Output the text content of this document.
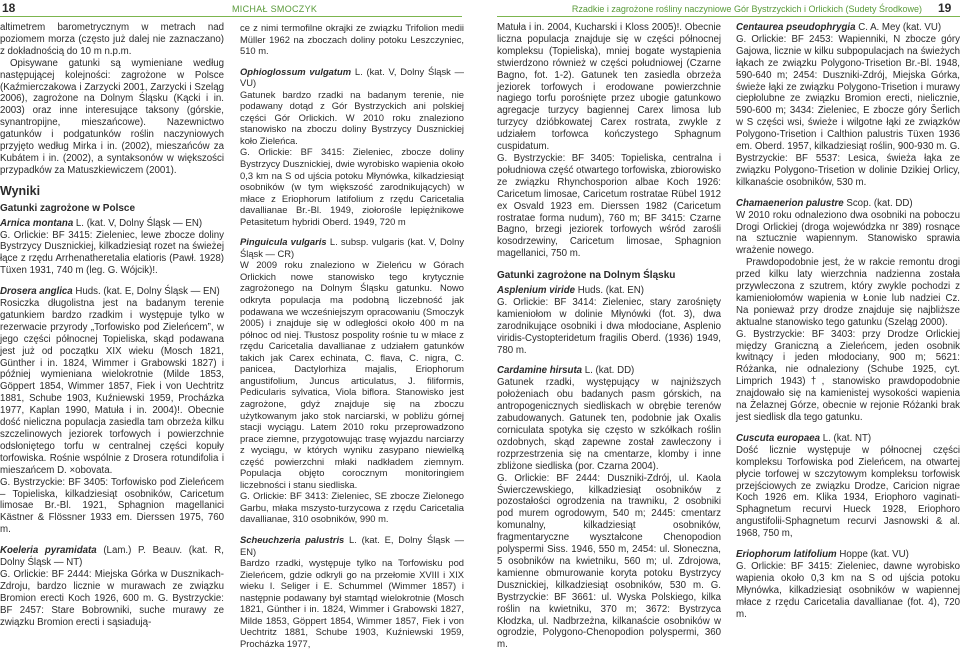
18	MICHAŁ SMOCZYK	Rzadkie i zagrożone rośliny naczyniowe Gór Bystrzyckich i Orlickich (Sudety Środkowe) 19

altimetrem barometrycznym w metrach nad poziomem morza (często już dalej nie zaznaczano) z dokładnością do 10 m n.p.m.

Opisywane gatunki są wymieniane według następującej kolejności: zagrożone w Polsce (Kaźmierczakowa i Zarzycki 2001, Zarzycki i Szeląg 2006), zagrożone na Dolnym Śląsku (Kącki i in. 2003) oraz inne interesujące taksony (górskie, synantropijne, mieszańcowe). Nazewnictwo gatunków i podgatunków roślin naczyniowych przyjęto według Mirka i in. (2002), mieszańców za Kubátem i in. (2002), a syntaksonów w większości przypadków za Matuszkiewiczem (2001).

Wyniki
Gatunki zagrożone w Polsce

Arnica montana L. (kat. V, Dolny Śląsk — EN)

G. Orlickie: BF 3415: Zieleniec, lewe zbocze doliny Bystrzycy Dusznickiej, kilkadziesiąt rozet na świeżej łące z rzędu Arrhenatheretalia elatioris (Pawł. 1928) Tüxen 1931, 740 m (leg. G. Wójcik)!.

Drosera anglica Huds. (kat. E, Dolny Śląsk — EN)

Rosiczka długolistna jest na badanym terenie gatunkiem bardzo rzadkim i występuje tylko w rezerwacie przyrody „Torfowisko pod Zieleńcem”, w jego części północnej Topieliska, skąd podawana jest już od początku XIX wieku (Mosch 1821, Günther i in. 1824, Wimmer i Grabowski 1827) i później wymieniana wielokrotnie (Milde 1853, Göppert 1854, Wimmer 1857, Fiek i von Uechtritz 1881, Schube 1903, Kuźniewski 1959, Procházka 1977, Kaplan 1990, Matuła i in. 2004)!. Obecnie dość nieliczna populacja zasiedla tam obrzeża kilku szczelinowych jeziorek torfowych i powierzchnie odsłoniętego torfu w centralnej części kopuły torfowiska. Rośnie wspólnie z Drosera rotundifolia i mieszańcem D. ×obovata.

G. Bystrzyckie: BF 3405: Torfowisko pod Zieleńcem – Topieliska, kilkadziesiąt osobników, Caricetum limosae Br.-Bl. 1921, Sphagnion magellanici Kästner & Flössner 1933 em. Dierssen 1975, 760 m.

Koeleria pyramidata (Lam.) P. Beauv. (kat. R, Dolny Śląsk — NT)

G. Orlickie: BF 2444: Miejska Górka w Dusznikach-Zdroju, bardzo licznie w murawach ze związku Bromion erecti Koch 1926, 600 m. G. Bystrzyckie: BF 2457: Stare Bobrowniki, suche murawy ze związku Bromion erecti i sąsiadują-

ce z nimi termofilne okrajki ze związku Trifolion medii Müller 1962 na zboczach doliny potoku Leszczyniec, 510 m.

Ophioglossum vulgatum L. (kat. V, Dolny Śląsk — VU)

Gatunek bardzo rzadki na badanym terenie, nie podawany dotąd z Gór Bystrzyckich ani polskiej części Gór Orlickich. W 2010 roku znaleziono stanowisko na zboczu doliny Bystrzycy Dusznickiej koło Zieleńca.

G. Orlickie: BF 3415: Zieleniec, zbocze doliny Bystrzycy Dusznickiej, dwie wyrobisko wapienia około 0,3 km na S od ujścia potoku Młynówka, kilkadziesiąt osobników (w tym większość zarodnikujących) w młace z Eriophorum latifolium z rzędu Caricetalia davallianae Br.-Bl. 1949, ziołorośle lepiężnikowe Petasitetum hybridi Oberd. 1949, 720 m

Pinguicula vulgaris L. subsp. vulgaris (kat. V, Dolny Śląsk — CR)

W 2009 roku znaleziono w Zieleńcu w Górach Orlickich nowe stanowisko tego krytycznie zagrożonego na Dolnym Śląsku gatunku. Nowo odkryta populacja ma podobną liczebność jak podawana we wcześniejszym opracowaniu (Smoczyk 2005) i znajduje się w odległości około 400 m na północ od niej. Tłustosz pospolity rośnie tu w młace z rzędu Caricetalia davallianae z udziałem gatunków takich jak Carex echinata, C. flava, C. nigra, C. panicea, Dactylorhiza majalis, Eriophorum angustifolium, Juncus articulatus, J. filiformis, Pedicularis sylvatica, Viola biflora. Stanowisko jest zagrożone, gdyż znajduje się na zboczu użytkowanym jako stok narciarski, w pobliżu górnej stacji wyciągu. Latem 2010 roku przeprowadzono prace ziemne, przygotowując trasę wyjazdu narciarzy z wyciągu, w których wyniku zasypano niewielką część powierzchni młaki nadkładem ziemnym. Populacja objęto corocznym monitoringiem liczebności i stanu siedliska.

G. Orlickie: BF 3413: Zieleniec, SE zbocze Zielonego Garbu, młaka mszysto-turzycowa z rzędu Caricetalia davallianae, 310 osobników, 990 m.

Scheuchzeria palustris L. (kat. E, Dolny Śląsk — EN)

Bardzo rzadki, występuje tylko na Torfowisku pod Zieleńcem, gdzie odkryli go na przełomie XVIII i XIX wieku I. Seliger i E. Schummel (Wimmer 1857) i następnie podawany był stamtąd wielokrotnie (Mosch 1821, Günther i in. 1824, Wimmer i Grabowski 1827, Milde 1853, Göppert 1854, Wimmer 1857, Fiek i von Uechtritz 1881, Schube 1903, Kuźniewski 1959, Procházka 1977,

Matuła i in. 2004, Kucharski i Kloss 2005)!. Obecnie liczna populacja znajduje się w części północnej kompleksu (Topieliska), mniej bogate wystąpienia stwierdzono również w części południowej (Czarne Bagno, fot. 1-2). Gatunek ten zasiedla obrzeża jeziorek torfowych i erodowane powierzchnie nagiego torfu porośnięte przez ubogie gatunkowo agregacje turzycy bagiennej Carex limosa lub turzycy dzióbkowatej Carex rostrata, zwykle z udziałem torfowca kończystego Sphagnum cuspidatum.

G. Bystrzyckie: BF 3405: Topieliska, centralna i południowa część otwartego torfowiska, zbiorowisko ze związku Rhynchosporion albae Koch 1926: Caricetum limosae, Caricetum rostratae Rübel 1912 ex Osvald 1923 em. Dierssen 1982 (Caricetum rostratae forma nudum), 760 m; BF 3415: Czarne Bagno, brzegi jeziorek torfowych wśród zarośli kosodrzewiny, Caricetum limosae, Sphagnion magellanici, 750 m.

Gatunki zagrożone na Dolnym Śląsku

Asplenium viride Huds. (kat. EN)

G. Orlickie: BF 3414: Zieleniec, stary zarośnięty kamieniołom w dolinie Młynówki (fot. 3), dwa zarodnikujące osobniki i dwa młodociane, Asplenio viridis-Cystopteridetum fragilis Oberd. (1936) 1949, 780 m.

Cardamine hirsuta L. (kat. DD)

Gatunek rzadki, występujący w najniższych położeniach obu badanych pasm górskich, na antropogenicznych siedliskach w obrębie terenów zabudowanych. Gatunek ten, podobnie jak Oxalis corniculata spotyka się często w szkółkach roślin ozdobnych, skąd zapewne został zawleczony i rozprzestrzenia się na cmentarze, klomby i inne zbliżone siedliska (por. Czarna 2004).

G. Orlickie: BF 2444: Duszniki-Zdrój, ul. Kaola Świerczewskiego, kilkadziesiąt osobników z pozostałości ogrodzenia na trawniku, 2 osobniki pod murem ogrodowym, 540 m; 2445: cmentarz komunalny, kilkadziesiąt osobników, fragmentaryczne wyształcone Chenopodion polyspermi Siss. 1946, 550 m, 2454: ul. Słoneczna, 5 osobników na kwietniku, 560 m; ul. Zdrojowa, kamienne obmurowanie koryta potoku Bystrzycy Dusznickiej, kilkadziesiąt osobników, 530 m. G. Bystrzyckie: BF 3661: ul. Wyska Polskiego, kilka roślin na kwietniku, 370 m; 3672: Bystrzyca Kłodzka, ul. Nadbrzeżna, kilkanaście osobników w ogrodzie, Polygono-Chenopodion polyspermi, 360 m.

Centaurea pseudophrygia C. A. Mey (kat. VU)

G. Orlickie: BF 2453: Wapienniki, N zbocze góry Gajowa, licznie w kilku subpopulacjach na świeżych łąkach ze związku Polygono-Trisetion Br.-Bl. 1948, 590-640 m; 2454: Duszniki-Zdrój, Miejska Górka, świeże łąki ze związku Polygono-Trisetion i murawy ciepłolubne ze związku Bromion erecti, nielicznie, 590-600 m; 3434: Zieleniec, E zbocze góry Šerlich w S części wsi, świeże i wilgotne łąki ze związków Polygono-Trisetion i Calthion palustris Tüxen 1936 em. Oberd. 1957, kilkadziesiąt roślin, 900-930 m. G. Bystrzyckie: BF 5537: Lesica, świeża łąka ze związku Polygono-Trisetion w dolinie Dzikiej Orlicy, kilkanaście osobników, 530 m.

Chamaenerion palustre Scop. (kat. DD)

W 2010 roku odnaleziono dwa osobniki na poboczu Drogi Orlickiej (droga wojewódzka nr 389) rosnące na sztucznie wapiennym. Stanowisko sprawia wrażenie nowego.

Prawdopodobnie jest, że w rakcie remontu drogi przed kilku laty wierzchnia nadzienna została przywleczona z szutrem, który zwykle pochodzi z kamieniołomów wapienia w Łonie lub nadziei Cz. Na ponieważ przy drodze znajduje się najbliższe aktualne stanowisko tego gatunku (Szeląg 2000).

G. Bystrzyckie: BF 3403: przy Drodze Orlickiej między Graniczną a Zieleńcem, jeden osobnik kwitnący i jeden młodociany, 900 m; 5621: Różanka, nie odnaleziony (Schube 1925, cyt. Limprich 1943)†, stanowisko prawdopodobnie znajdowało się na kamienistej wysokości wapienia na Żelaznej Górze, obecnie w rejonie Różanki brak jest siedlisk dla tego gatunku.

Cuscuta europaea L. (kat. NT)

Dość licznie występuje w północnej części kompleksu Torfowiska pod Zieleńcem, na otwartej płycie torfowej w szczytowym kompleksu torfowisk przejściowych ze związku Drodze, Caricion nigrae Koch 1926 em. Klika 1934, Eriophoro vaginati-Sphagnetum recurvi Hueck 1928, Eriophoro angustifolii-Sphagnetum recurvi Jasnowski & al. 1968, 750 m,

Eriophorum latifolium Hoppe (kat. VU)

G. Orlickie: BF 3415: Zieleniec, dawne wyrobisko wapienia około 0,3 km na S od ujścia potoku Młynówka, kilkadziesiąt osobników w wapiennej młace z rzędu Caricetalia davallianae (fot. 4), 720 m.
